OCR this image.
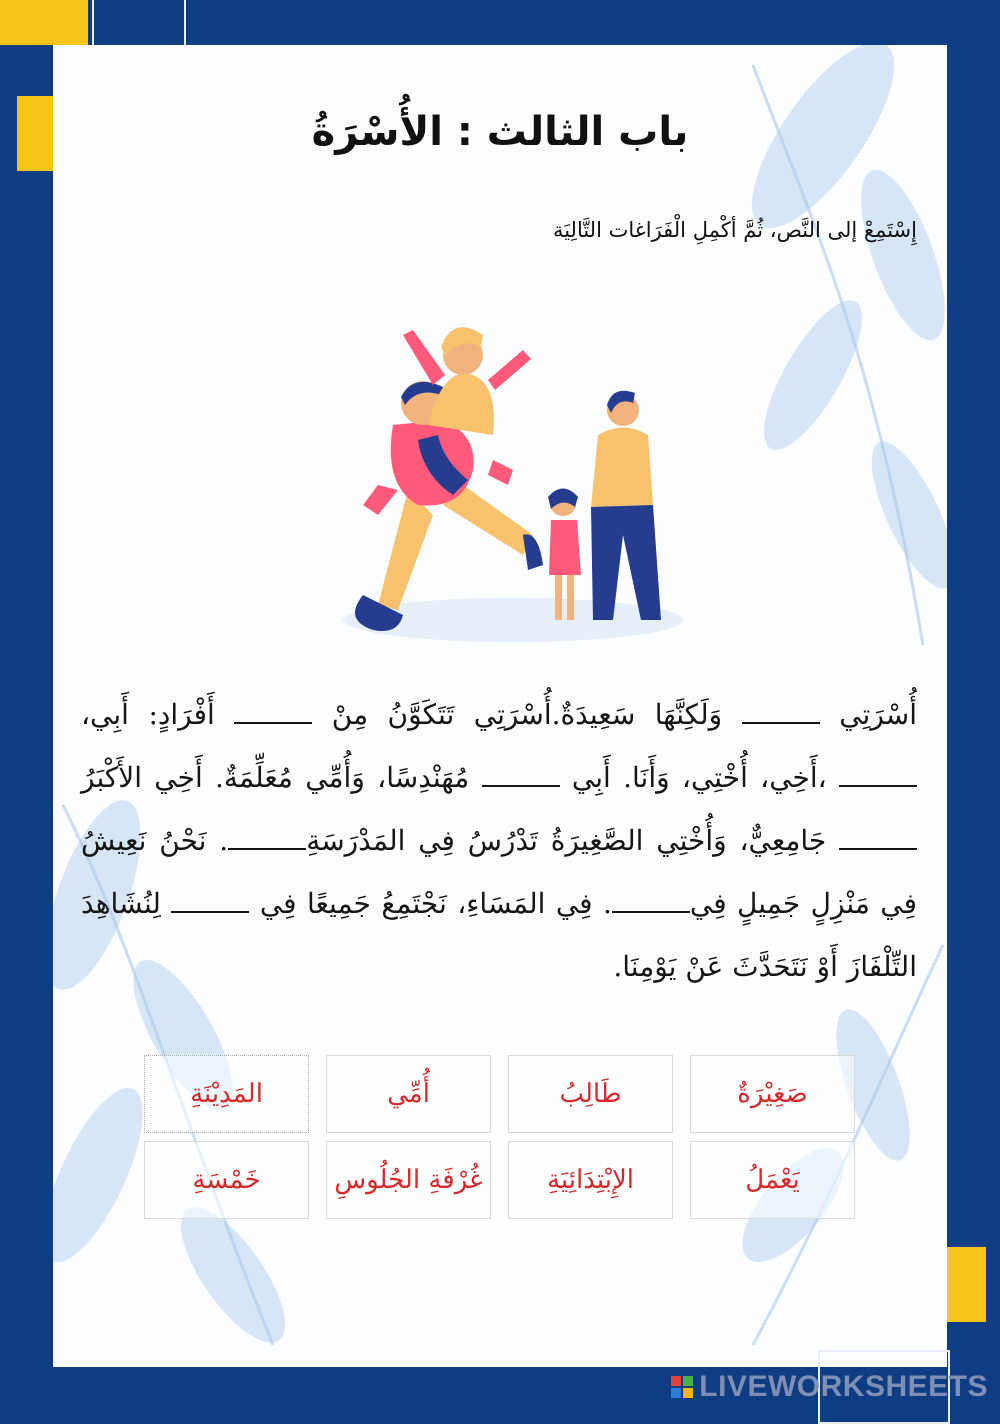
باب الثالث : الأُسْرَةُ
إِسْتَمِعْ إلى النَّص، ثُمَّ أكْمِلِ الْفَرَاغات التَّالِيَة
أُسْرَتِي  وَلَكِنَّهَا سَعِيدَةٌ.أُسْرَتِي تَتَكَوَّنُ مِنْ  أَفْرَادٍ: أَبِي،  ،أَخِي، أُخْتِي، وَأَنَا. أَبِي  مُهَنْدِسًا، وَأُمِّي مُعَلِّمَةٌ. أَخِي الأَكْبَرُ  جَامِعِيٌّ، وَأُخْتِي الصَّغِيرَةُ تَدْرُسُ فِي المَدْرَسَةِ. نَحْنُ نَعِيشُ فِي مَنْزِلٍ جَمِيلٍ فِي. فِي المَسَاءِ، نَجْتَمِعُ جَمِيعًا فِي  لِنُشَاهِدَ التِّلْفَازَ أَوْ نَتَحَدَّثَ عَنْ يَوْمِنَا.
صَغِيْرَةٌ
طَالِبُ
أُمِّي
المَدِيْنَةِ
يَعْمَلُ
الإِبْتِدَائِيَةِ
غُرْفَةِ الجُلُوسِ
خَمْسَةِ
LIVEWORKSHEETS
